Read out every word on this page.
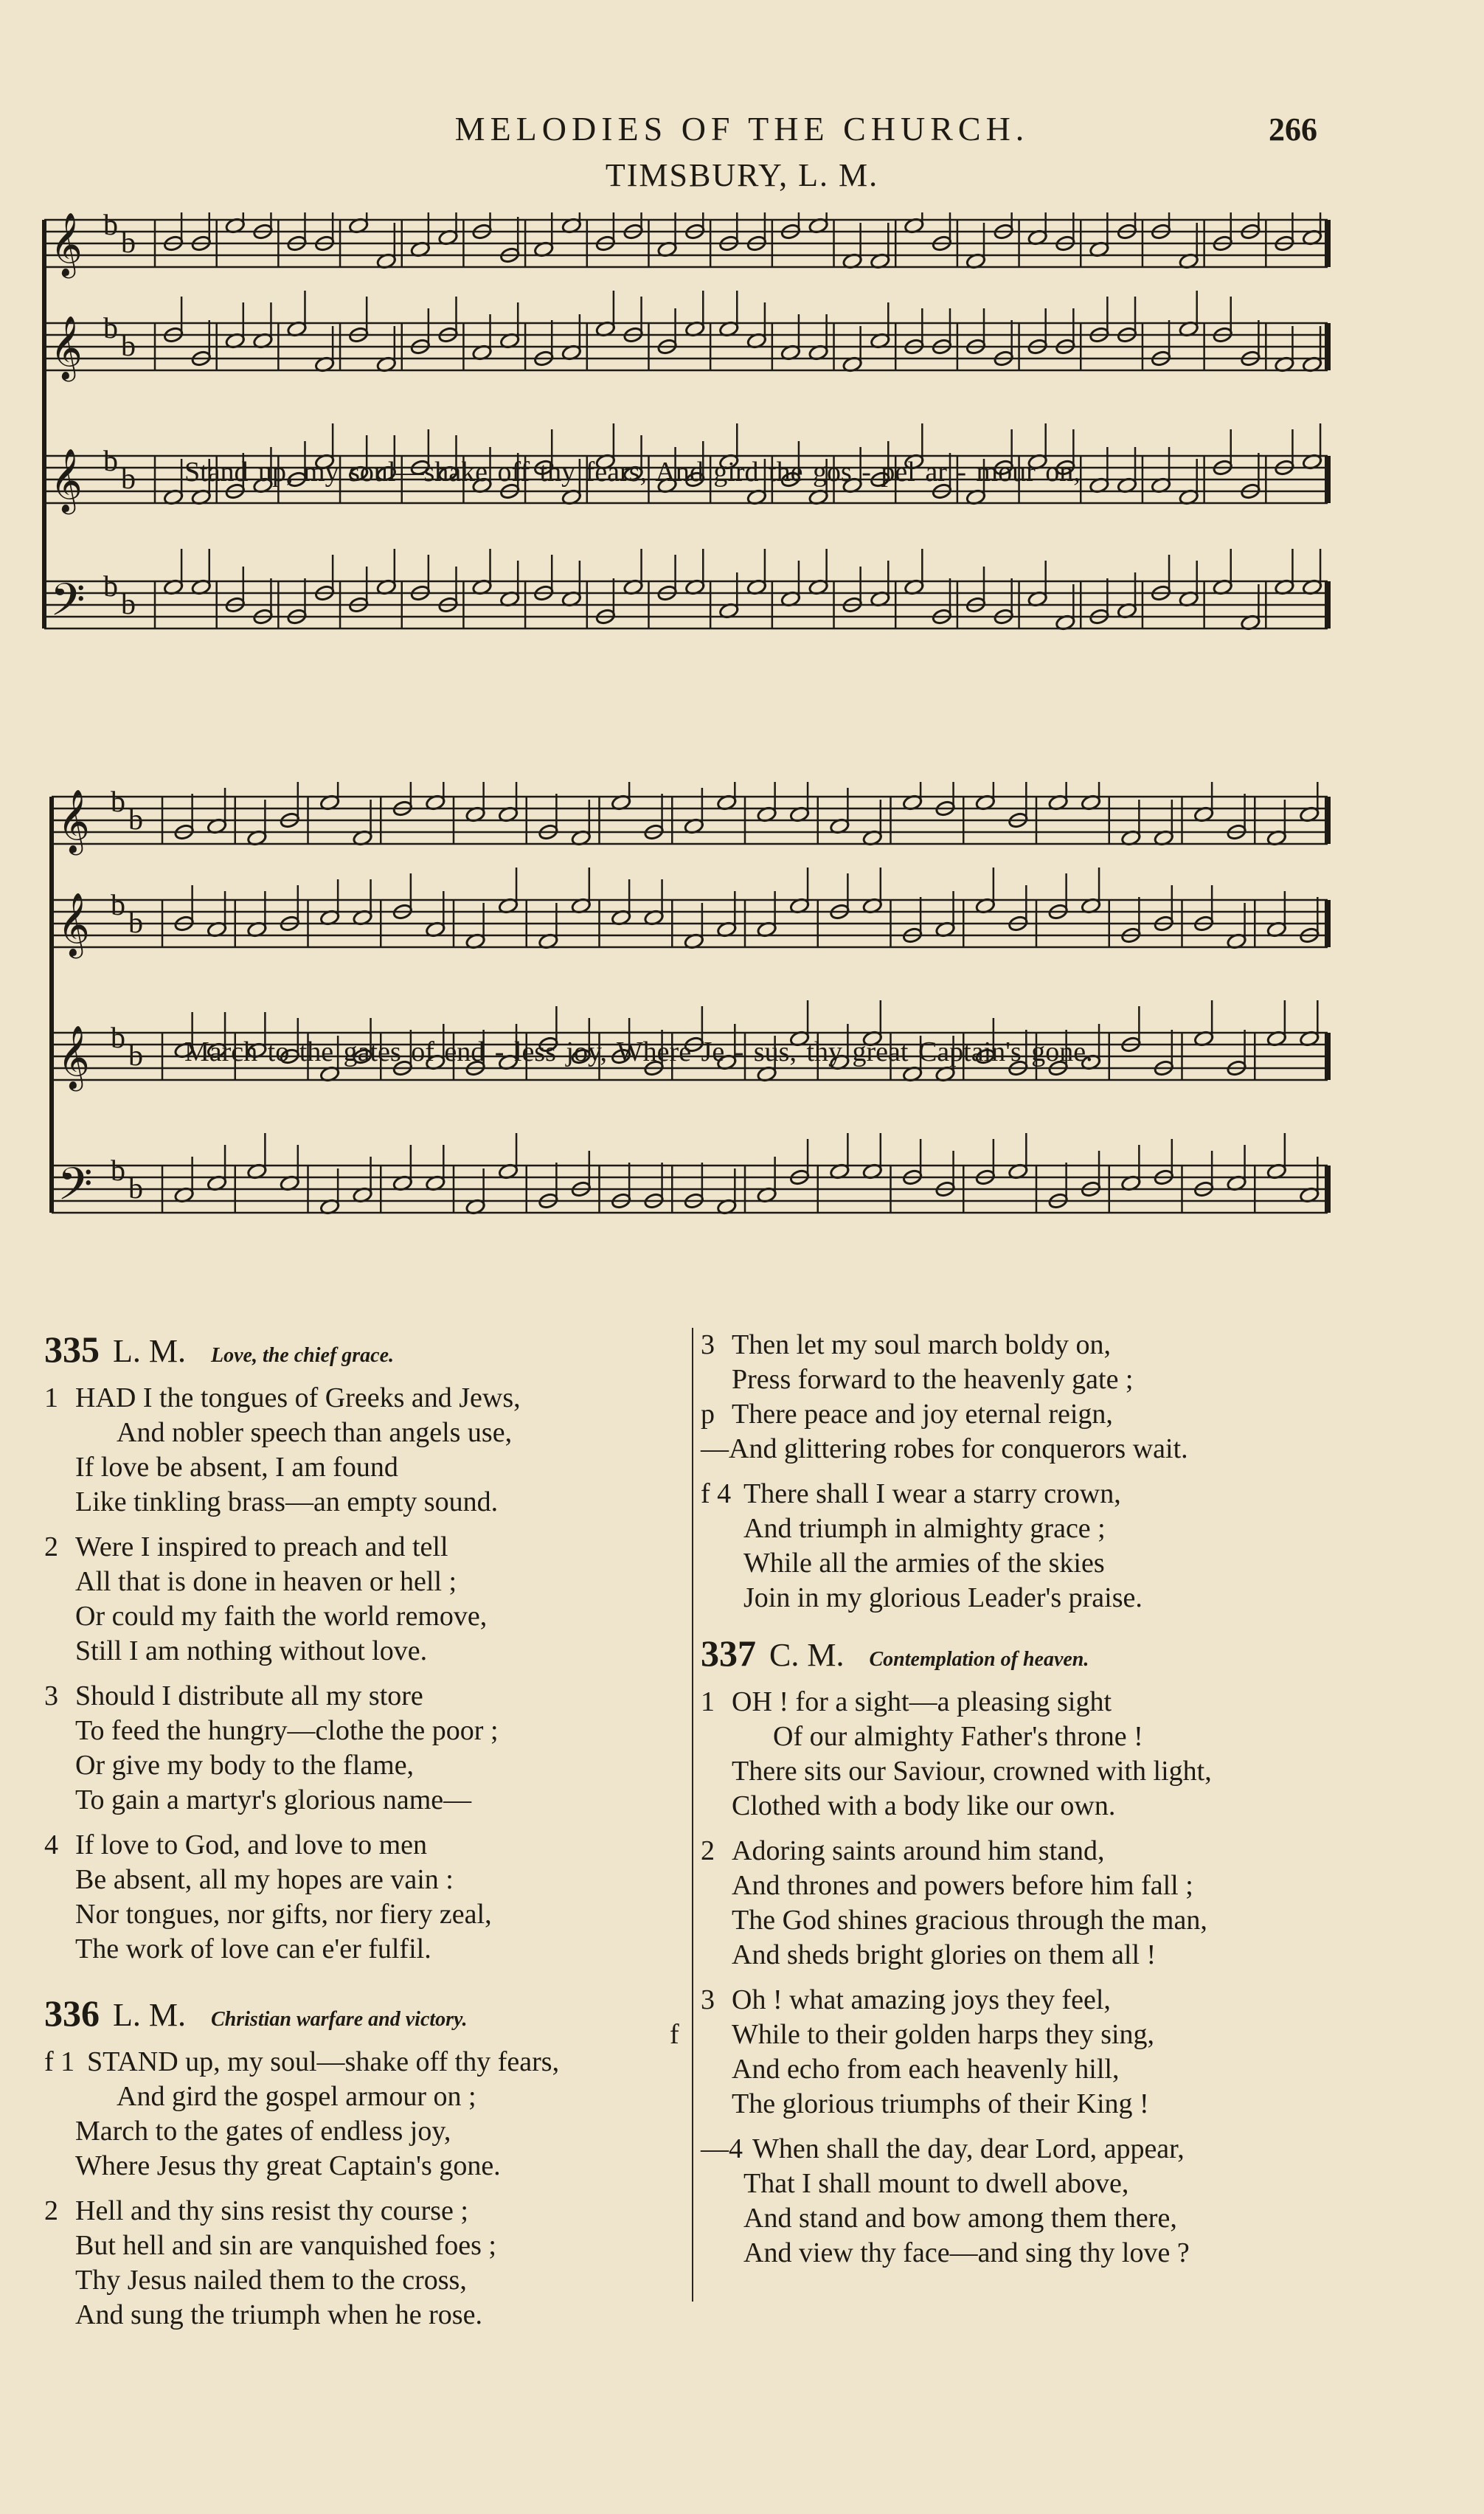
MELODIES OF THE CHURCH.	266
TIMSBURY, L. M.
𝄞 b
b
𝄞 b
b
𝄞 b
b
𝄢 b
b
Stand up, my soul—shake off thy fears, And gird the gos - pel ar - mour on,
𝄞 b
b
𝄞 b
b
𝄞 b
b
𝄢 b
b
March to the gates of end - less joy, Where Je - sus, thy great Captain's gone.
335 L. M. Love, the chief grace.
1 HAD I the tongues of Greeks and Jews,
And nobler speech than angels use,
If love be absent, I am found
Like tinkling brass—an empty sound.
2 Were I inspired to preach and tell
All that is done in heaven or hell ;
Or could my faith the world remove,
Still I am nothing without love.
3 Should I distribute all my store
To feed the hungry—clothe the poor ;
Or give my body to the flame,
To gain a martyr's glorious name—
4 If love to God, and love to men
Be absent, all my hopes are vain :
Nor tongues, nor gifts, nor fiery zeal,
The work of love can e'er fulfil.
336 L. M. Christian warfare and victory.
f 1 STAND up, my soul—shake off thy fears,
And gird the gospel armour on ;
March to the gates of endless joy,
Where Jesus thy great Captain's gone.
2 Hell and thy sins resist thy course ;
But hell and sin are vanquished foes ;
Thy Jesus nailed them to the cross,
And sung the triumph when he rose.
3 Then let my soul march boldy on,
Press forward to the heavenly gate ;
p There peace and joy eternal reign,
—And glittering robes for conquerors wait.
f 4 There shall I wear a starry crown,
And triumph in almighty grace ;
While all the armies of the skies
Join in my glorious Leader's praise.
337 C. M. Contemplation of heaven.
1 OH ! for a sight—a pleasing sight
Of our almighty Father's throne !
There sits our Saviour, crowned with light,
Clothed with a body like our own.
2 Adoring saints around him stand,
And thrones and powers before him fall ;
The God shines gracious through the man,
And sheds bright glories on them all !
3 Oh ! what amazing joys they feel,
f While to their golden harps they sing,
And echo from each heavenly hill,
The glorious triumphs of their King !
—4 When shall the day, dear Lord, appear,
That I shall mount to dwell above,
And stand and bow among them there,
And view thy face—and sing thy love ?
